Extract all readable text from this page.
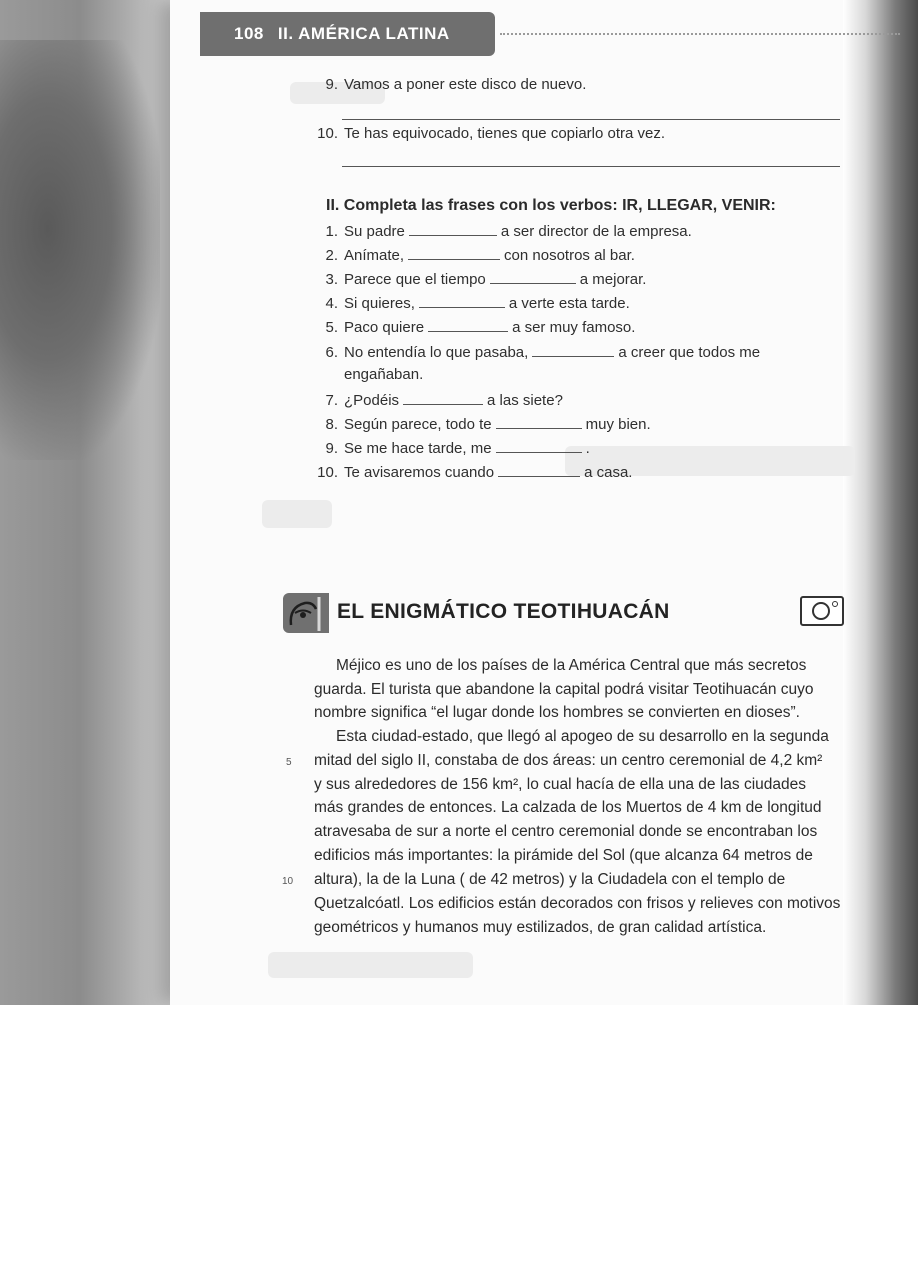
108 II. AMÉRICA LATINA
9. Vamos a poner este disco de nuevo.
10. Te has equivocado, tienes que copiarlo otra vez.
II. Completa las frases con los verbos: IR, LLEGAR, VENIR:
1. Su padre	a ser director de la empresa.
2. Anímate,	con nosotros al bar.
3. Parece que el tiempo	a mejorar.
4. Si quieres,	a verte esta tarde.
5. Paco quiere	a ser muy famoso.
6. No entendía lo que pasaba,	a creer que todos me
engañaban.
7. ¿Podéis	a las siete?
8. Según parece, todo te	muy bien.
9. Se me hace tarde, me	.
10. Te avisaremos cuando	a casa.
EL ENIGMÁTICO TEOTIHUACÁN
Méjico es uno de los países de la América Central que más secretos
guarda. El turista que abandone la capital podrá visitar Teotihuacán cuyo
nombre significa “el lugar donde los hombres se convierten en dioses”.
Esta ciudad-estado, que llegó al apogeo de su desarrollo en la segunda
5 mitad del siglo II, constaba de dos áreas: un centro ceremonial de 4,2 km²
y sus alrededores de 156 km², lo cual hacía de ella una de las ciudades
más grandes de entonces. La calzada de los Muertos de 4 km de longitud
atravesaba de sur a norte el centro ceremonial donde se encontraban los
edificios más importantes: la pirámide del Sol (que alcanza 64 metros de
10 altura), la de la Luna ( de 42 metros) y la Ciudadela con el templo de
Quetzalcóatl. Los edificios están decorados con frisos y relieves con motivos
geométricos y humanos muy estilizados, de gran calidad artística.
